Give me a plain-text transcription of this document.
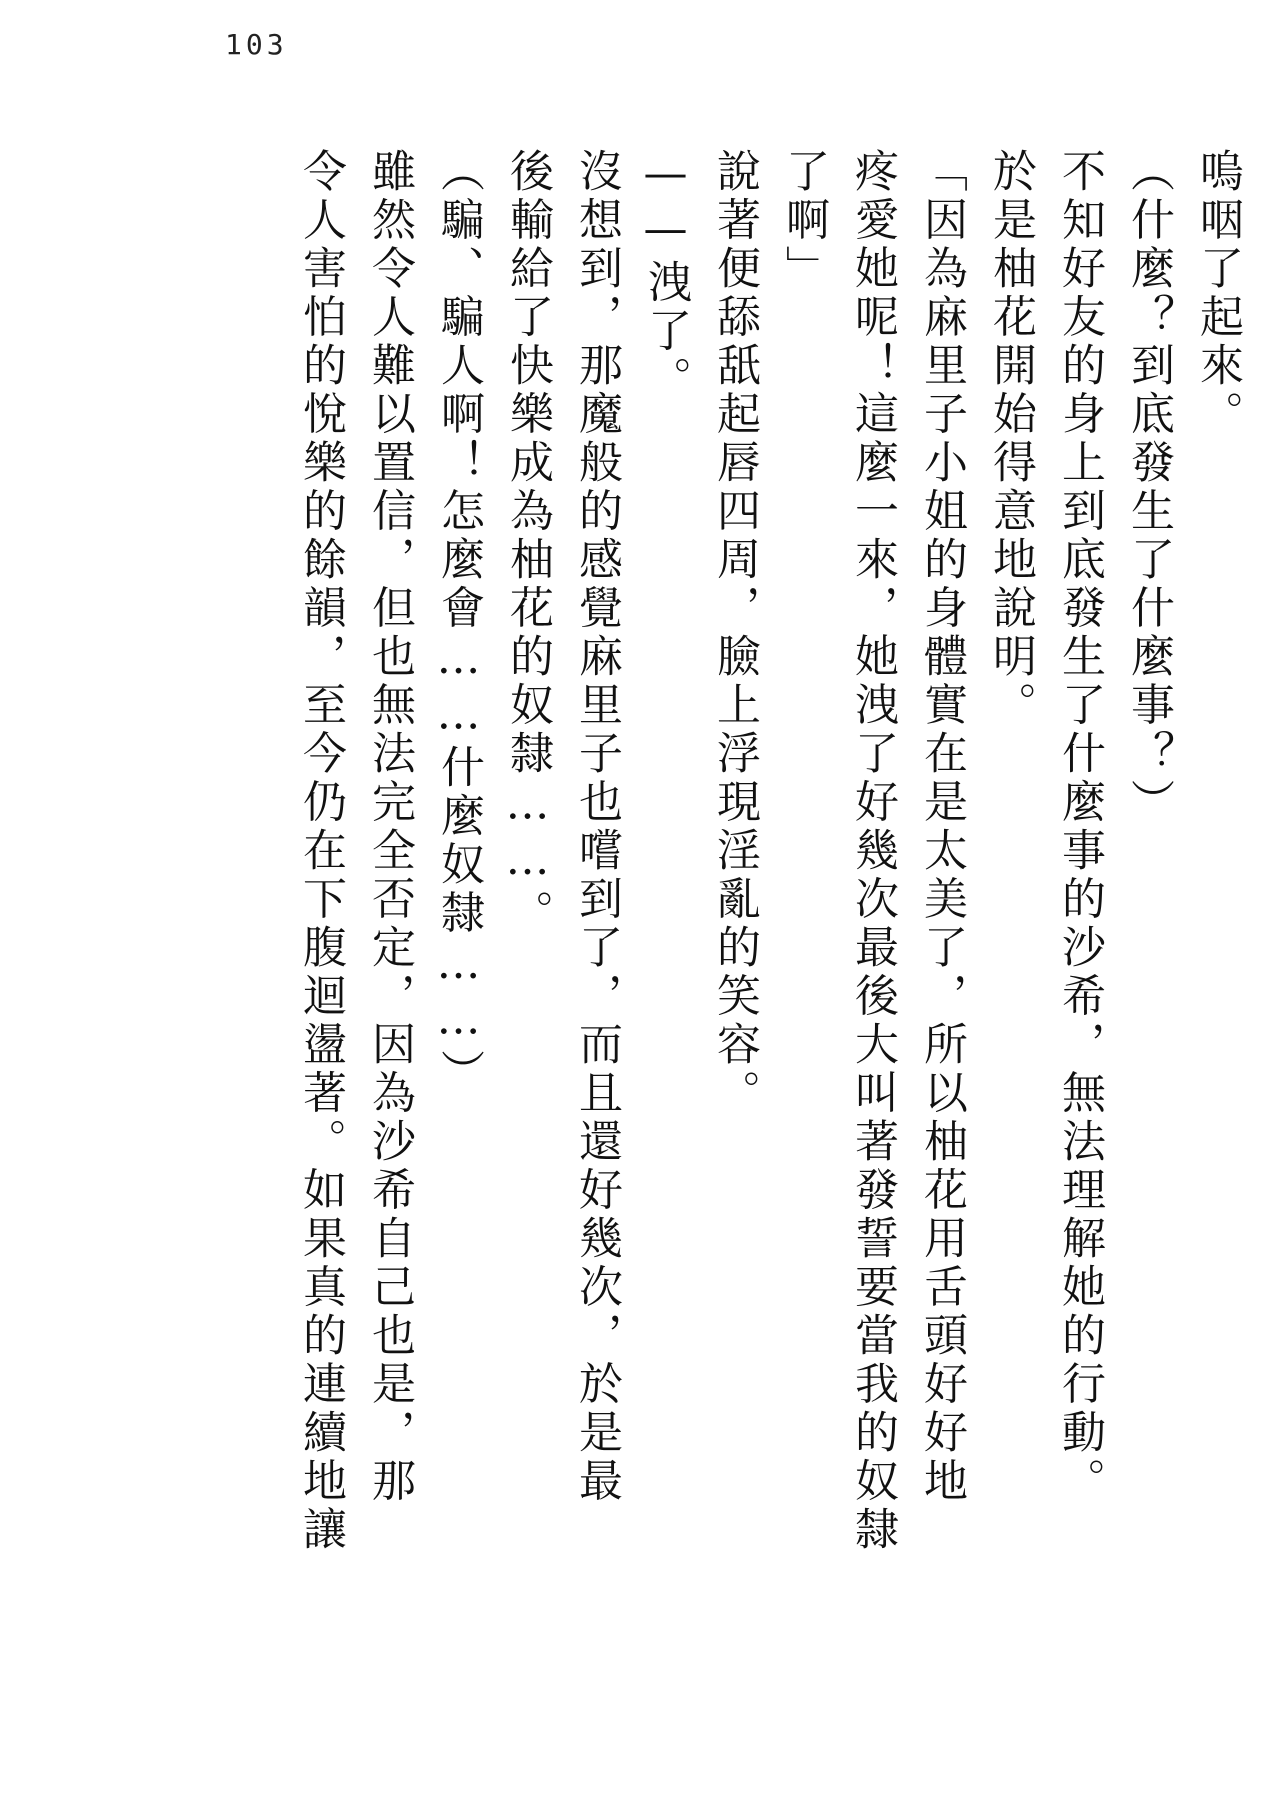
103
嗚咽了起來。
（什麼？到底發生了什麼事？）
不知好友的身上到底發生了什麼事的沙希，無法理解她的行動。
於是柚花開始得意地說明。
「因為麻里子小姐的身體實在是太美了，所以柚花用舌頭好好地
疼愛她呢！這麼一來，她洩了好幾次最後大叫著發誓要當我的奴隸
了啊」
說著便舔舐起唇四周，臉上浮現淫亂的笑容。
——洩了。
沒想到，那魔般的感覺麻里子也嚐到了，而且還好幾次，於是最
後輸給了快樂成為柚花的奴隸……。
（騙、騙人啊！怎麼會……什麼奴隸……）
雖然令人難以置信，但也無法完全否定，因為沙希自己也是，那
令人害怕的悅樂的餘韻，至今仍在下腹迴盪著。如果真的連續地讓
